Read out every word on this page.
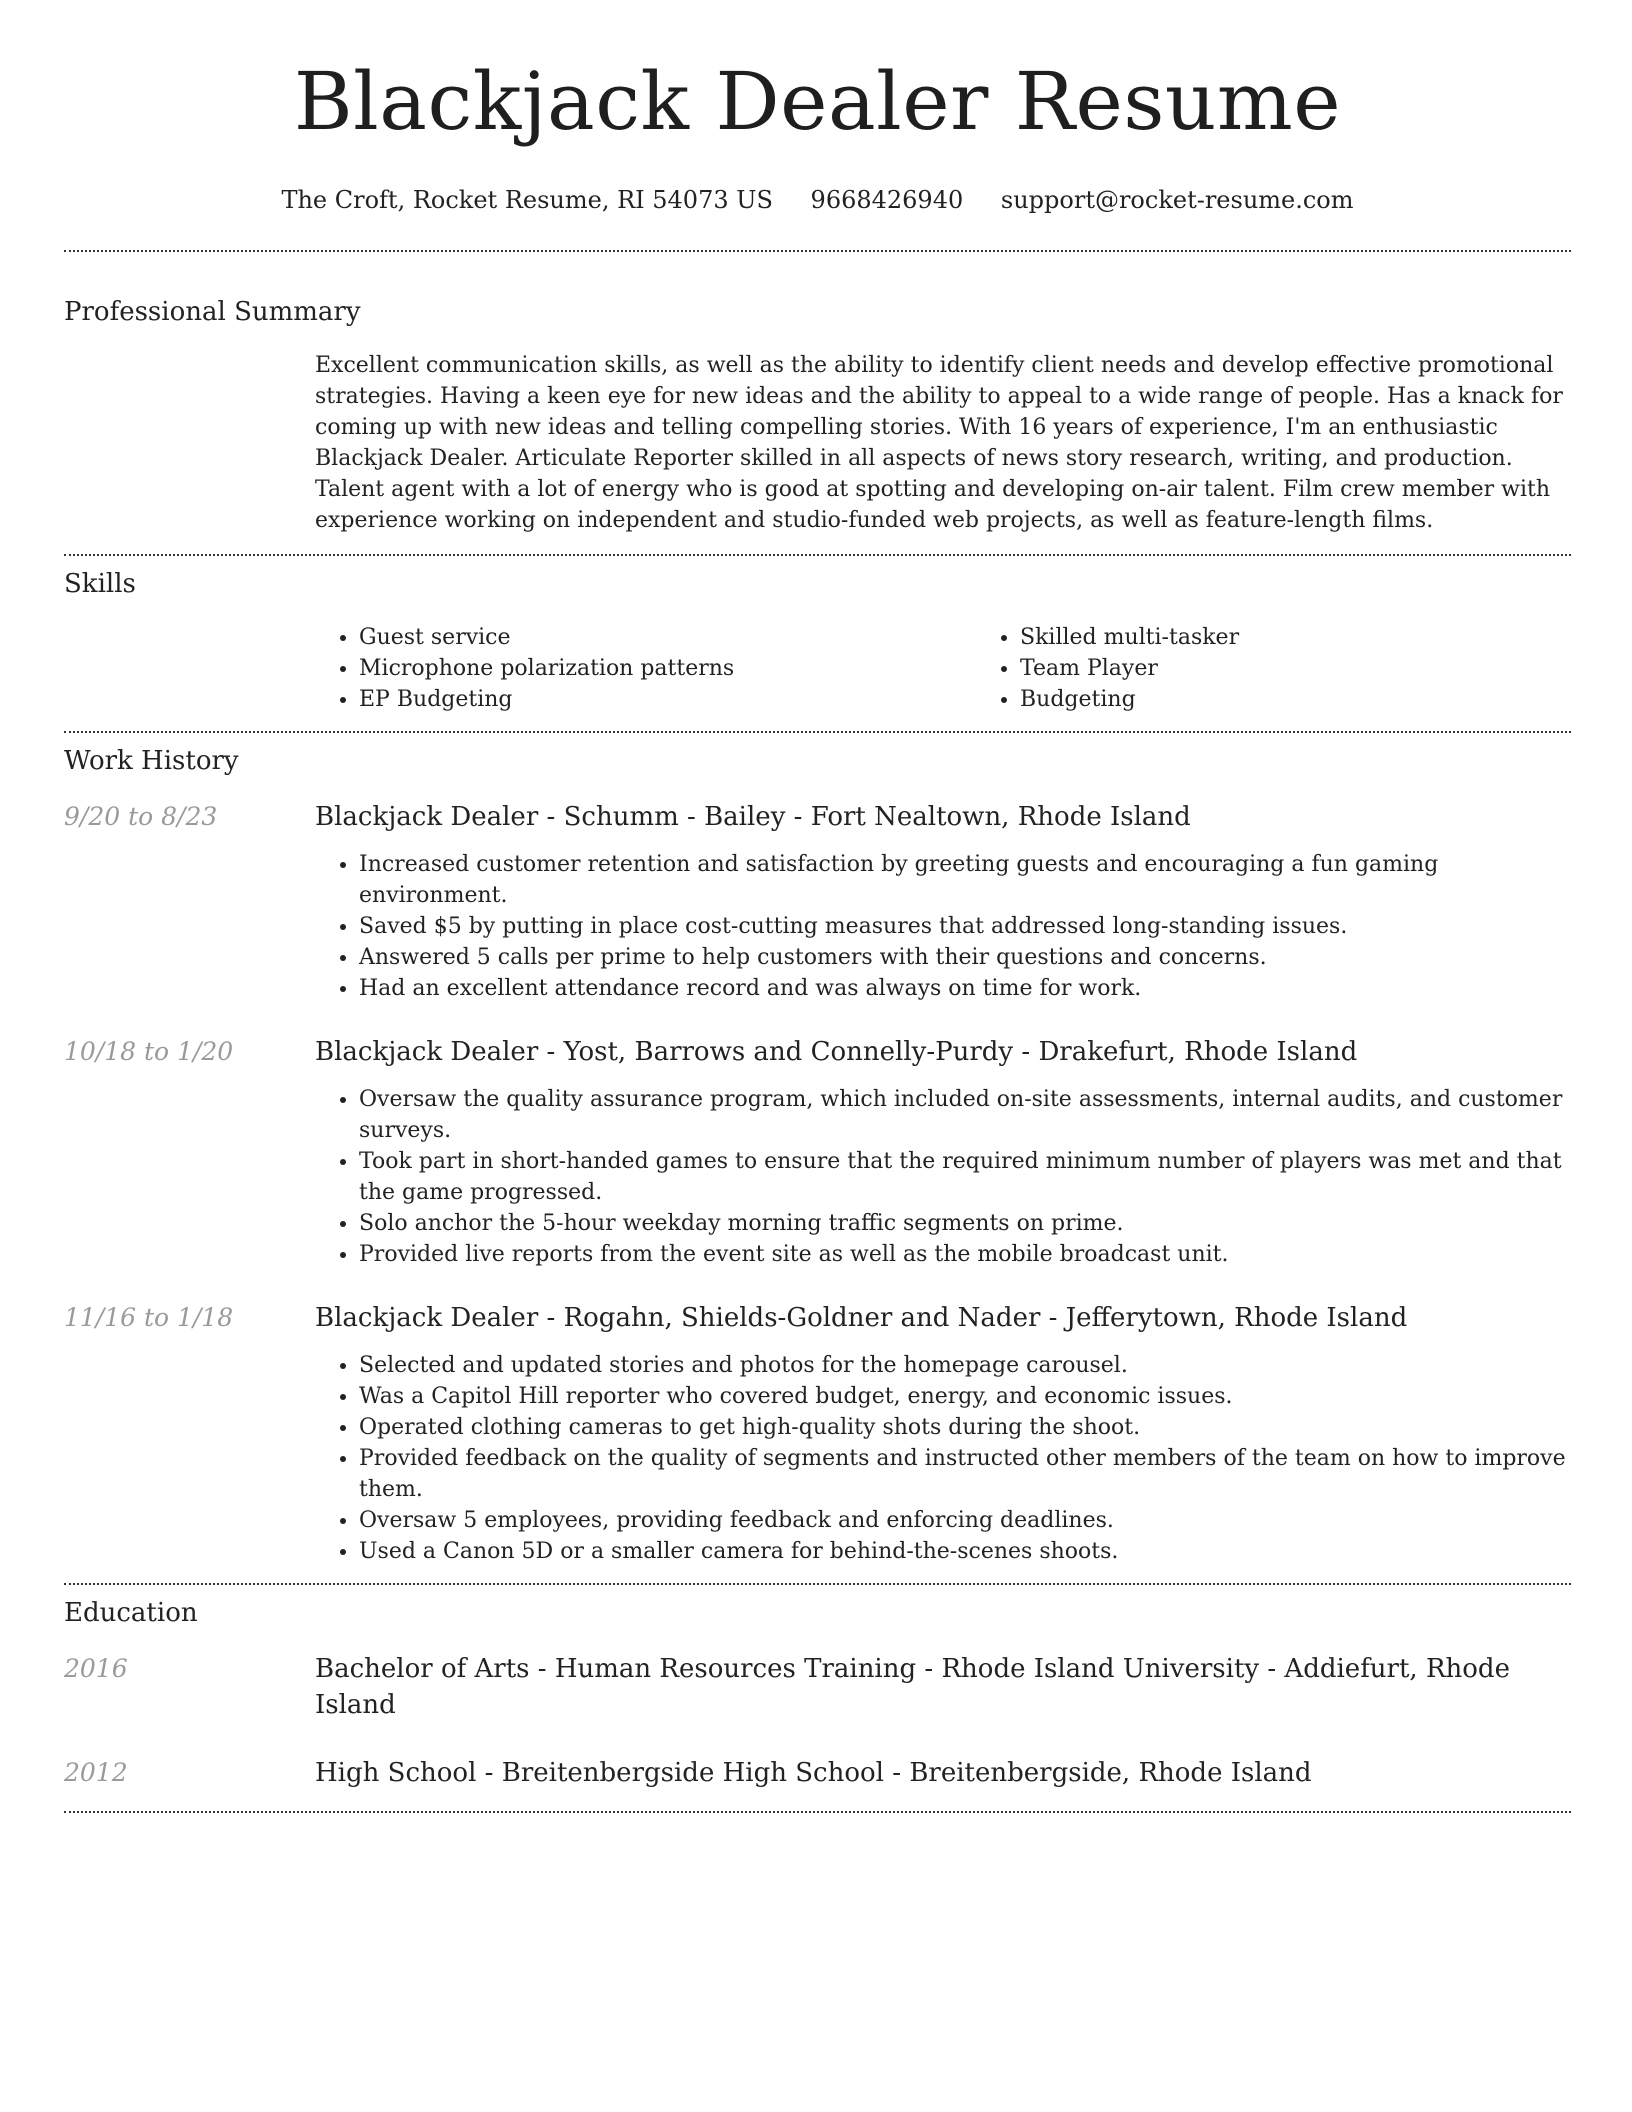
Blackjack Dealer Resume
The Croft, Rocket Resume, RI 54073 US 9668426940 support@rocket-resume.com
Professional Summary

Excellent communication skills, as well as the ability to identify client needs and develop effective promotional strategies. Having a keen eye for new ideas and the ability to appeal to a wide range of people. Has a knack for coming up with new ideas and telling compelling stories. With 16 years of experience, I'm an enthusiastic Blackjack Dealer. Articulate Reporter skilled in all aspects of news story research, writing, and production. Talent agent with a lot of energy who is good at spotting and developing on-air talent. Film crew member with experience working on independent and studio-funded web projects, as well as feature-length films.

Skills
• Guest service
• Microphone polarization patterns
• EP Budgeting
• Skilled multi-tasker
• Team Player
• Budgeting
Work History
9/20 to 8/23	Blackjack Dealer - Schumm - Bailey - Fort Nealtown, Rhode Island
• Increased customer retention and satisfaction by greeting guests and encouraging a fun gaming environment.
• Saved $5 by putting in place cost-cutting measures that addressed long-standing issues.
• Answered 5 calls per prime to help customers with their questions and concerns.
• Had an excellent attendance record and was always on time for work.
10/18 to 1/20	Blackjack Dealer - Yost, Barrows and Connelly-Purdy - Drakefurt, Rhode Island
• Oversaw the quality assurance program, which included on-site assessments, internal audits, and customer surveys.
• Took part in short-handed games to ensure that the required minimum number of players was met and that the game progressed.
• Solo anchor the 5-hour weekday morning traffic segments on prime.
• Provided live reports from the event site as well as the mobile broadcast unit.
11/16 to 1/18	Blackjack Dealer - Rogahn, Shields-Goldner and Nader - Jefferytown, Rhode Island
• Selected and updated stories and photos for the homepage carousel.
• Was a Capitol Hill reporter who covered budget, energy, and economic issues.
• Operated clothing cameras to get high-quality shots during the shoot.
• Provided feedback on the quality of segments and instructed other members of the team on how to improve them.
• Oversaw 5 employees, providing feedback and enforcing deadlines.
• Used a Canon 5D or a smaller camera for behind-the-scenes shoots.
Education
2016	Bachelor of Arts - Human Resources Training - Rhode Island University - Addiefurt, Rhode Island
2012	High School - Breitenbergside High School - Breitenbergside, Rhode Island
